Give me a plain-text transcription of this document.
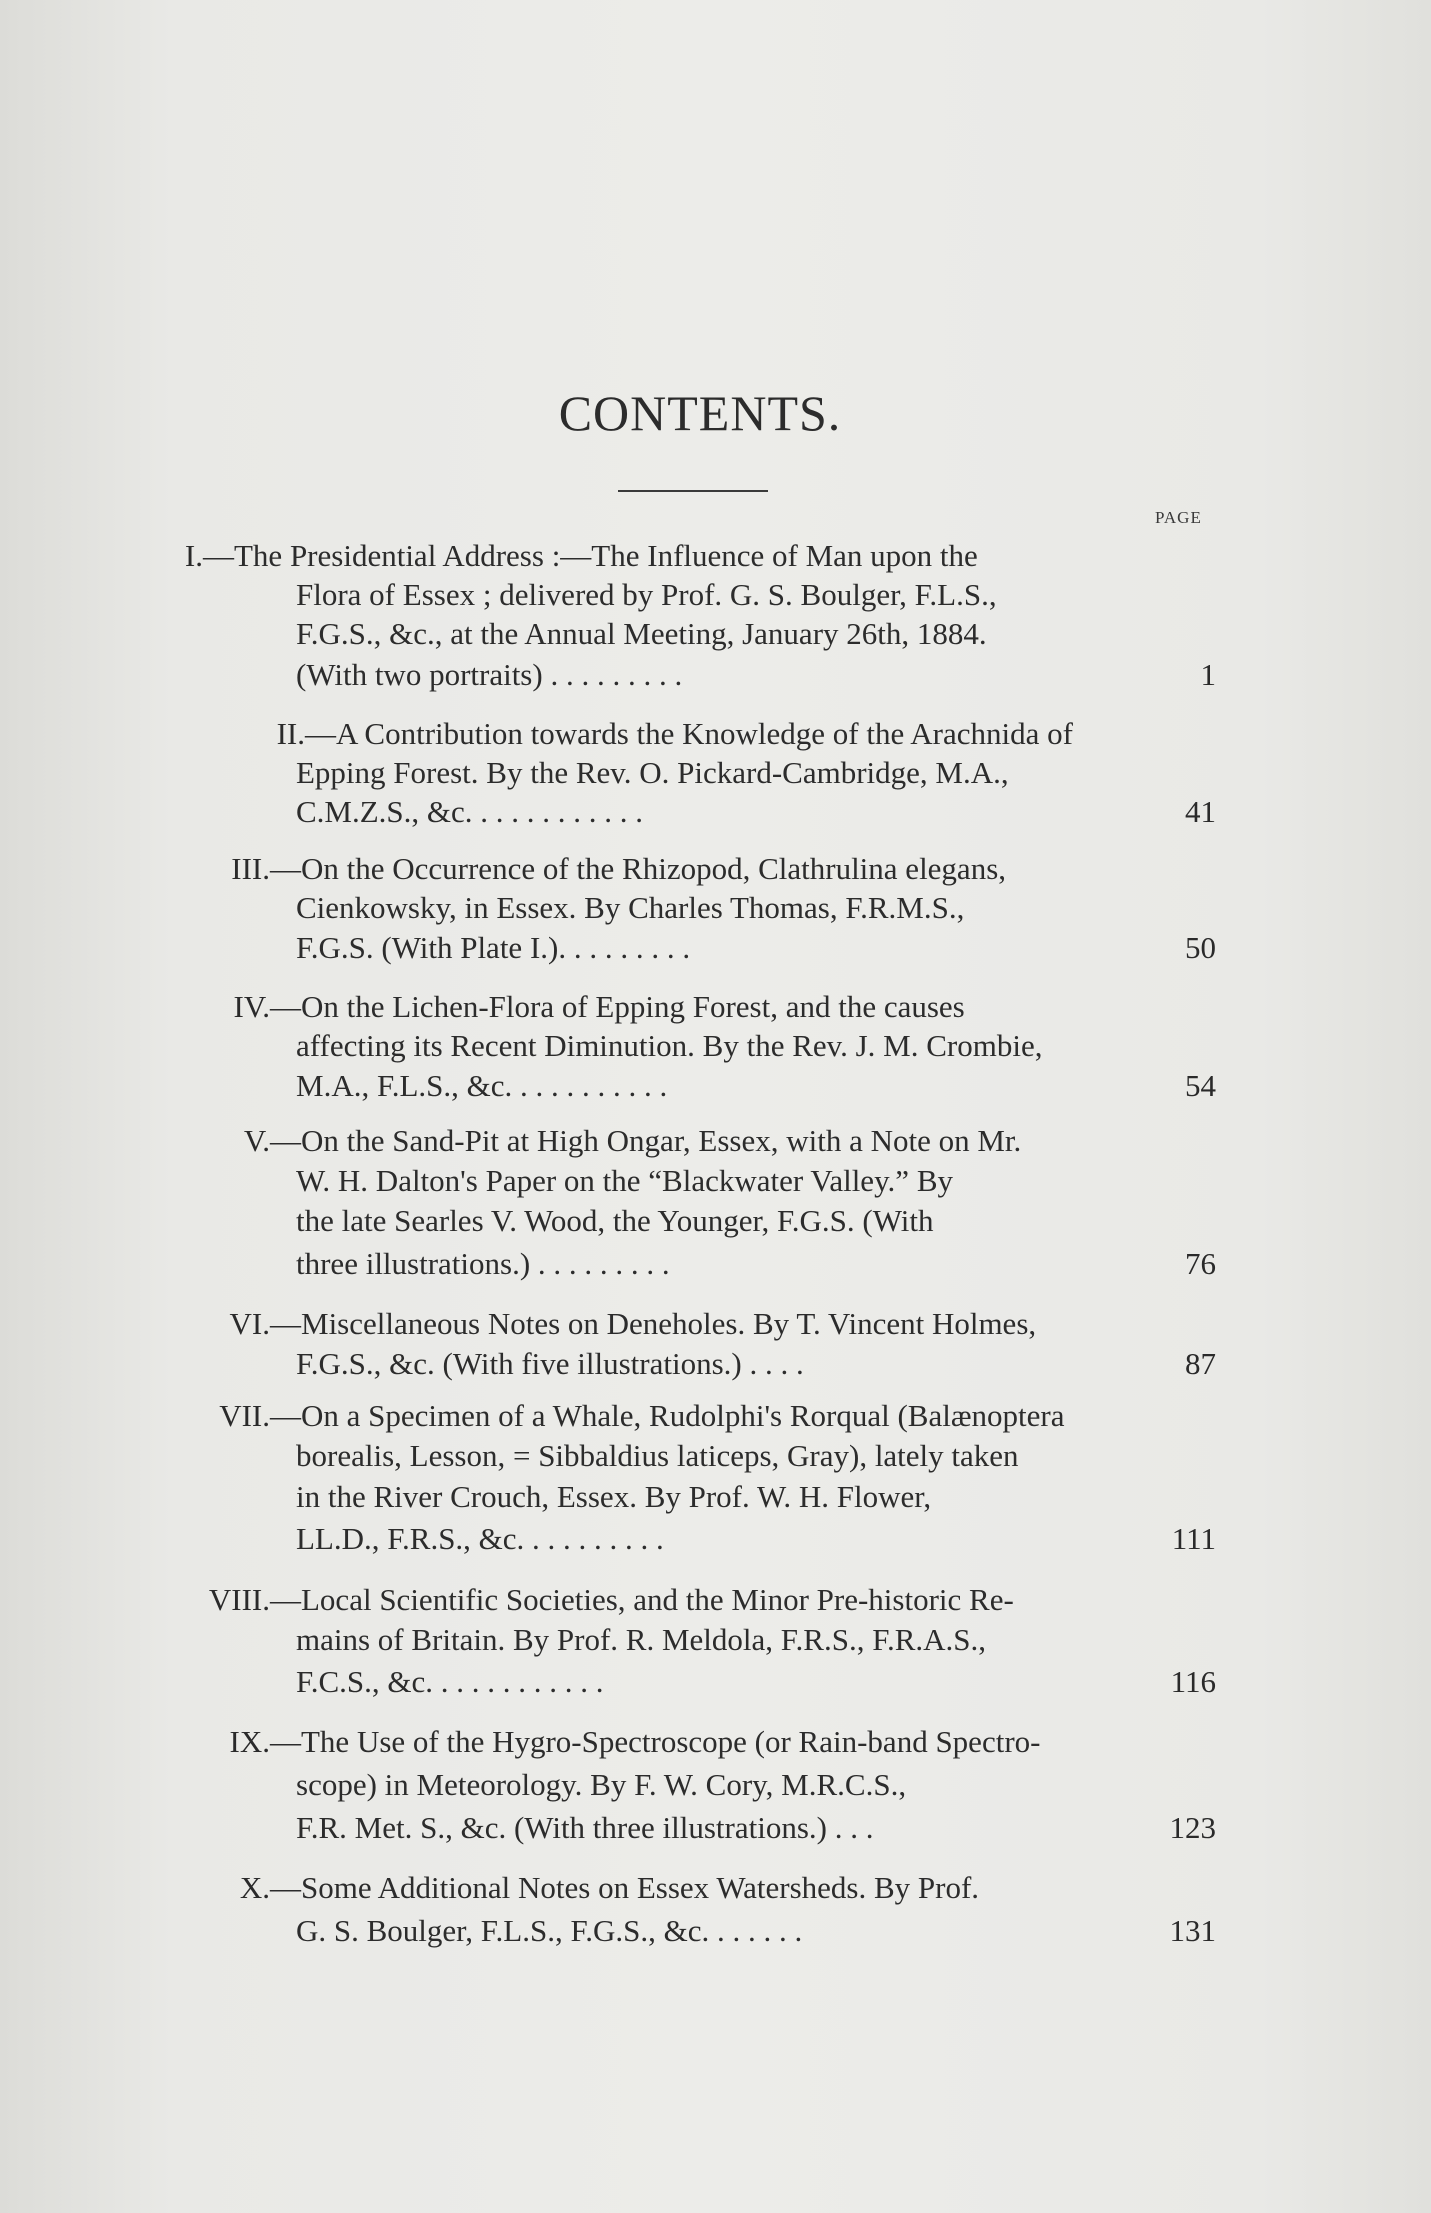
CONTENTS.
PAGE
I. —The Presidential Address :—The Influence of Man upon the
Flora of Essex ; delivered by Prof. G. S. Boulger, F.L.S.,
F.G.S., &c., at the Annual Meeting, January 26th, 1884.
(With two portraits) . . . . . . . . .	1
II. —A Contribution towards the Knowledge of the Arachnida of
Epping Forest. By the Rev. O. Pickard-Cambridge, M.A.,
C.M.Z.S., &c. . . . . . . . . . . .	41
III. —On the Occurrence of the Rhizopod, Clathrulina elegans,
Cienkowsky, in Essex. By Charles Thomas, F.R.M.S.,
F.G.S. (With Plate I.). . . . . . . . .	50
IV. —On the Lichen-Flora of Epping Forest, and the causes
affecting its Recent Diminution. By the Rev. J. M. Crombie,
M.A., F.L.S., &c. . . . . . . . . . .	54
V. —On the Sand-Pit at High Ongar, Essex, with a Note on Mr.
W. H. Dalton's Paper on the “Blackwater Valley.” By
the late Searles V. Wood, the Younger, F.G.S. (With
three illustrations.) . . . . . . . . .	76
VI. —Miscellaneous Notes on Deneholes. By T. Vincent Holmes,
F.G.S., &c. (With five illustrations.) . . . .	87
VII. —On a Specimen of a Whale, Rudolphi's Rorqual (Balænoptera
borealis, Lesson, = Sibbaldius laticeps, Gray), lately taken
in the River Crouch, Essex. By Prof. W. H. Flower,
LL.D., F.R.S., &c. . . . . . . . . .	111
VIII. —Local Scientific Societies, and the Minor Pre-historic Re-
mains of Britain. By Prof. R. Meldola, F.R.S., F.R.A.S.,
F.C.S., &c. . . . . . . . . . . .	116
IX. —The Use of the Hygro-Spectroscope (or Rain-band Spectro-
scope) in Meteorology. By F. W. Cory, M.R.C.S.,
F.R. Met. S., &c. (With three illustrations.) . . .	123
X. —Some Additional Notes on Essex Watersheds. By Prof.
G. S. Boulger, F.L.S., F.G.S., &c. . . . . . .	131
